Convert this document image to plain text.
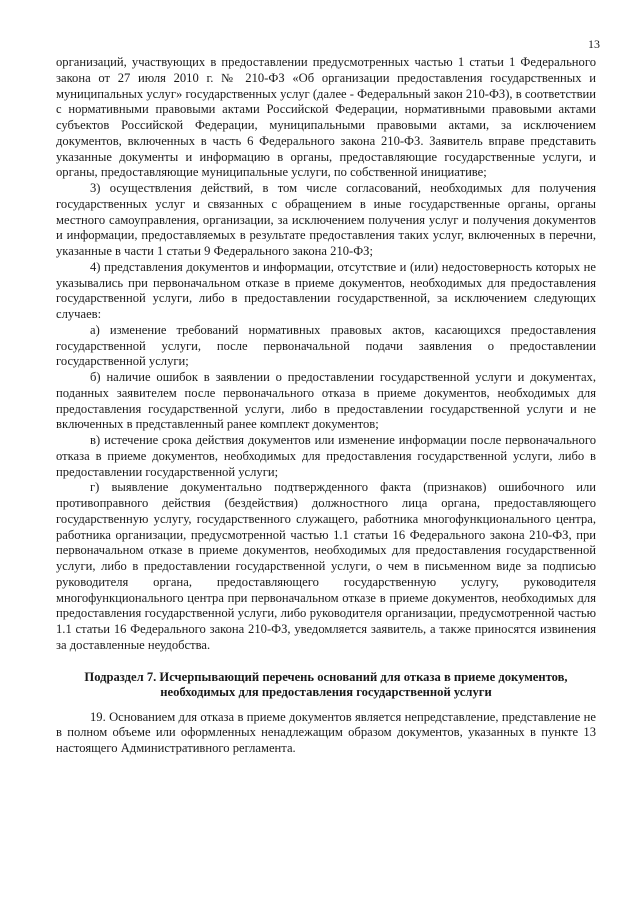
13

организаций, участвующих в предоставлении предусмотренных частью 1 статьи 1 Федерального закона от 27 июля 2010 г. № 210-ФЗ «Об организации предоставления государственных и муниципальных услуг» государственных услуг (далее - Федеральный закон 210-ФЗ), в соответствии с нормативными правовыми актами Российской Федерации, нормативными правовыми актами субъектов Российской Федерации, муниципальными правовыми актами, за исключением документов, включенных в часть 6 Федерального закона 210-ФЗ. Заявитель вправе представить указанные документы и информацию в органы, предоставляющие государственные услуги, и органы, предоставляющие муниципальные услуги, по собственной инициативе;

3) осуществления действий, в том числе согласований, необходимых для получения государственных услуг и связанных с обращением в иные государственные органы, органы местного самоуправления, организации, за исключением получения услуг и получения документов и информации, предоставляемых в результате предоставления таких услуг, включенных в перечни, указанные в части 1 статьи 9 Федерального закона 210-ФЗ;

4) представления документов и информации, отсутствие и (или) недостоверность которых не указывались при первоначальном отказе в приеме документов, необходимых для предоставления государственной услуги, либо в предоставлении государственной, за исключением следующих случаев:

а) изменение требований нормативных правовых актов, касающихся предоставления государственной услуги, после первоначальной подачи заявления о предоставлении государственной услуги;

б) наличие ошибок в заявлении о предоставлении государственной услуги и документах, поданных заявителем после первоначального отказа в приеме документов, необходимых для предоставления государственной услуги, либо в предоставлении государственной услуги и не включенных в представленный ранее комплект документов;

в) истечение срока действия документов или изменение информации после первоначального отказа в приеме документов, необходимых для предоставления государственной услуги, либо в предоставлении государственной услуги;

г) выявление документально подтвержденного факта (признаков) ошибочного или противоправного действия (бездействия) должностного лица органа, предоставляющего государственную услугу, государственного служащего, работника многофункционального центра, работника организации, предусмотренной частью 1.1 статьи 16 Федерального закона 210-ФЗ, при первоначальном отказе в приеме документов, необходимых для предоставления государственной услуги, либо в предоставлении государственной услуги, о чем в письменном виде за подписью руководителя органа, предоставляющего государственную услугу, руководителя многофункционального центра при первоначальном отказе в приеме документов, необходимых для предоставления государственной услуги, либо руководителя организации, предусмотренной частью 1.1 статьи 16 Федерального закона 210-ФЗ, уведомляется заявитель, а также приносятся извинения за доставленные неудобства.

Подраздел 7. Исчерпывающий перечень оснований для отказа в приеме документов, необходимых для предоставления государственной услуги

19. Основанием для отказа в приеме документов является непредставление, представление не в полном объеме или оформленных ненадлежащим образом документов, указанных в пункте 13 настоящего Административного регламента.
